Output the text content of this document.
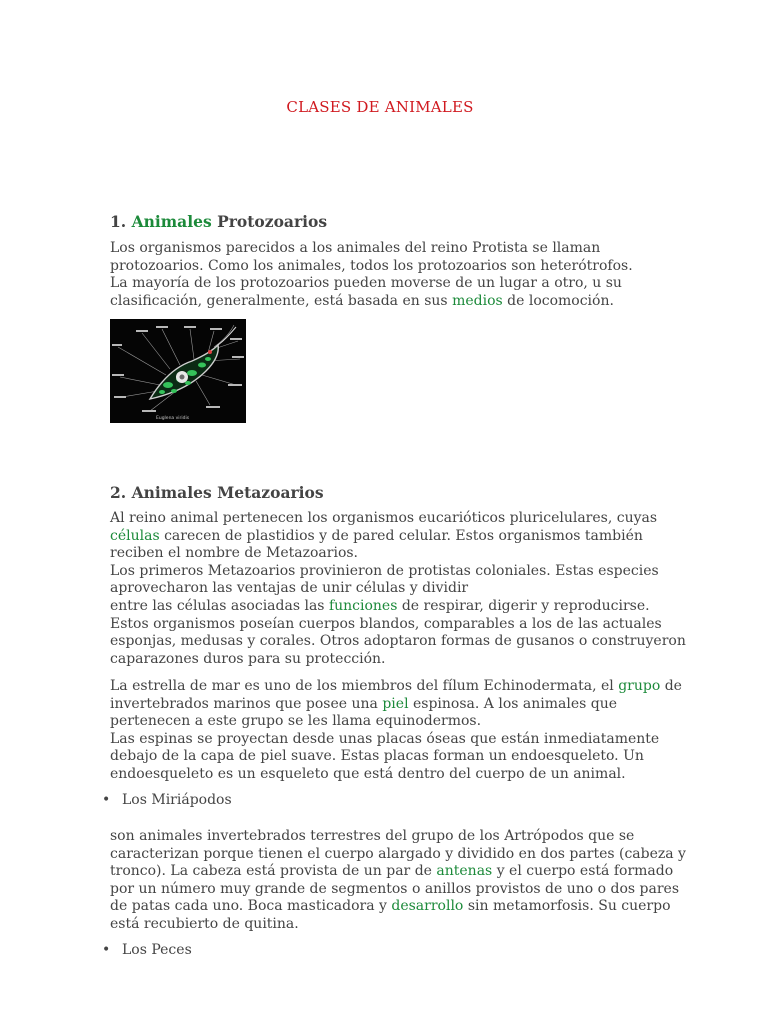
CLASES DE ANIMALES
1. Animales Protozoarios
Los organismos parecidos a los animales del reino Protista se llaman
protozoarios. Como los animales, todos los protozoarios son heterótrofos.
La mayoría de los protozoarios pueden moverse de un lugar a otro, u su
clasificación, generalmente, está basada en sus medios de locomoción.
Euglena viridis
2. Animales Metazoarios
Al reino animal pertenecen los organismos eucarióticos pluricelulares, cuyas
células carecen de plastidios y de pared celular. Estos organismos también
reciben el nombre de Metazoarios.
Los primeros Metazoarios provinieron de protistas coloniales. Estas especies
aprovecharon las ventajas de unir células y dividir
entre las células asociadas las funciones de respirar, digerir y reproducirse.
Estos organismos poseían cuerpos blandos, comparables a los de las actuales
esponjas, medusas y corales. Otros adoptaron formas de gusanos o construyeron
caparazones duros para su protección.
La estrella de mar es uno de los miembros del fílum Echinodermata, el grupo de
invertebrados marinos que posee una piel espinosa. A los animales que
pertenecen a este grupo se les llama equinodermos.
Las espinas se proyectan desde unas placas óseas que están inmediatamente
debajo de la capa de piel suave. Estas placas forman un endoesqueleto. Un
endoesqueleto es un esqueleto que está dentro del cuerpo de un animal.
• Los Miriápodos
son animales invertebrados terrestres del grupo de los Artrópodos que se
caracterizan porque tienen el cuerpo alargado y dividido en dos partes (cabeza y
tronco). La cabeza está provista de un par de antenas y el cuerpo está formado
por un número muy grande de segmentos o anillos provistos de uno o dos pares
de patas cada uno. Boca masticadora y desarrollo sin metamorfosis. Su cuerpo
está recubierto de quitina.
• Los Peces
